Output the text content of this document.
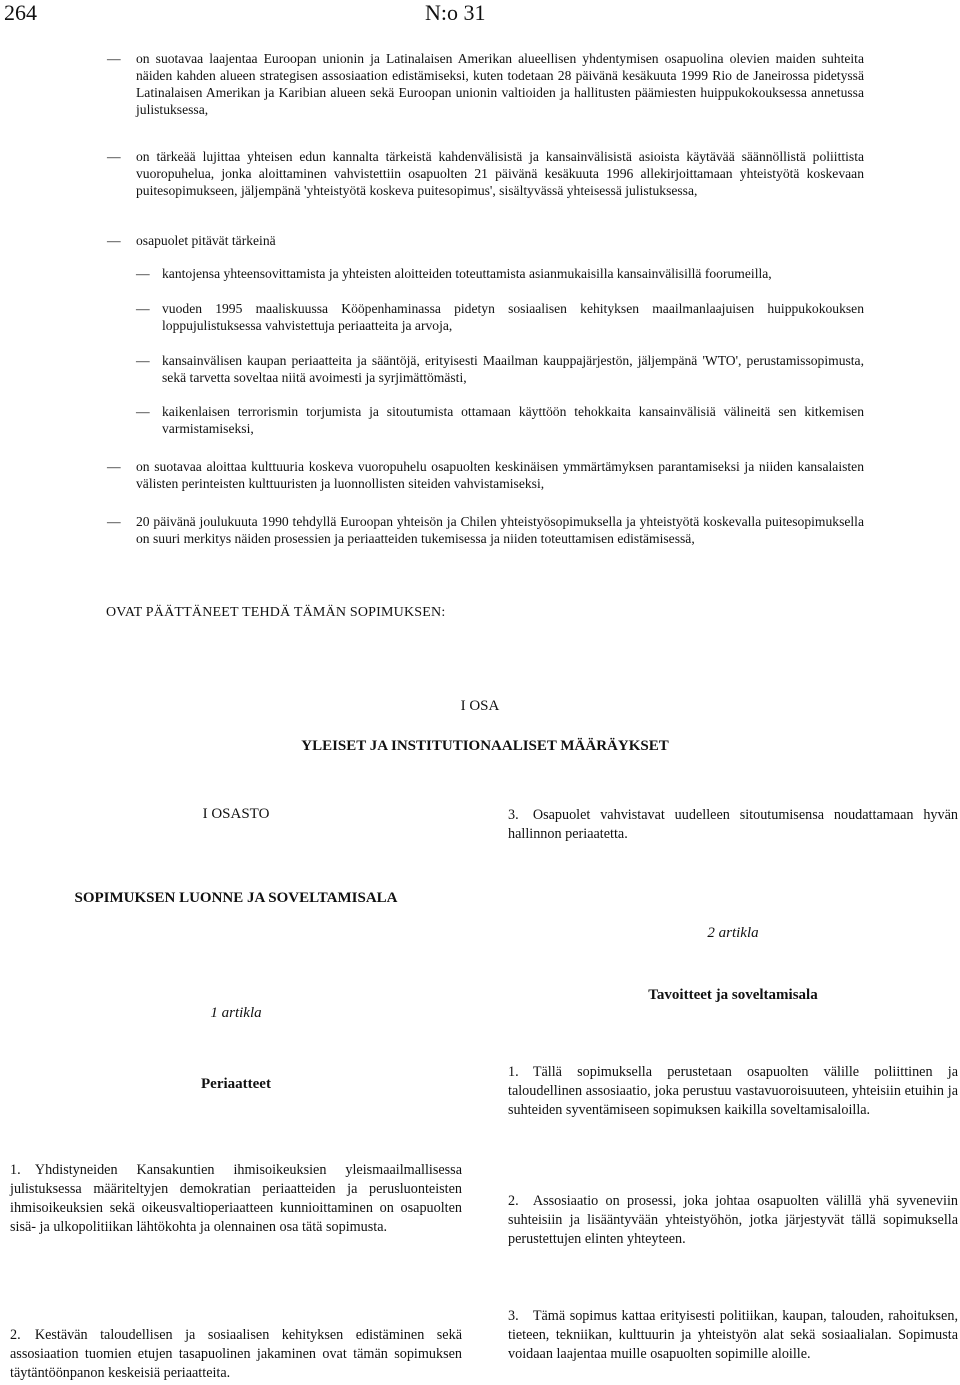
264	N:o 31
— on suotavaa laajentaa Euroopan unionin ja Latinalaisen Amerikan alueellisen yhdentymisen osapuolina olevien maiden suhteita näiden kahden alueen strategisen assosiaation edistämiseksi, kuten todetaan 28 päivänä kesäkuuta 1999 Rio de Janeirossa pidetyssä Latinalaisen Amerikan ja Karibian alueen sekä Euroopan unionin valtioiden ja hallitusten päämiesten huippukokouksessa annetussa julistuksessa,
— on tärkeää lujittaa yhteisen edun kannalta tärkeistä kahdenvälisistä ja kansainvälisistä asioista käytävää säännöllistä poliittista vuoropuhelua, jonka aloittaminen vahvistettiin osapuolten 21 päivänä kesäkuuta 1996 allekirjoittamaan yhteistyötä koskevaan puitesopimukseen, jäljempänä 'yhteistyötä koskeva puitesopimus', sisältyvässä yhteisessä julistuksessa,
— osapuolet pitävät tärkeinä
— kantojensa yhteensovittamista ja yhteisten aloitteiden toteuttamista asianmukaisilla kansainvälisillä foorumeilla,
— vuoden 1995 maaliskuussa Kööpenhaminassa pidetyn sosiaalisen kehityksen maailmanlaajuisen huippukokouksen loppujulistuksessa vahvistettuja periaatteita ja arvoja,
— kansainvälisen kaupan periaatteita ja sääntöjä, erityisesti Maailman kauppajärjestön, jäljempänä 'WTO', perustamissopimusta, sekä tarvetta soveltaa niitä avoimesti ja syrjimättömästi,
— kaikenlaisen terrorismin torjumista ja sitoutumista ottamaan käyttöön tehokkaita kansainvälisiä välineitä sen kitkemisen varmistamiseksi,
— on suotavaa aloittaa kulttuuria koskeva vuoropuhelu osapuolten keskinäisen ymmärtämyksen parantamiseksi ja niiden kansalaisten välisten perinteisten kulttuuristen ja luonnollisten siteiden vahvistamiseksi,
— 20 päivänä joulukuuta 1990 tehdyllä Euroopan yhteisön ja Chilen yhteistyösopimuksella ja yhteistyötä koskevalla puitesopimuksella on suuri merkitys näiden prosessien ja periaatteiden tukemisessa ja niiden toteuttamisen edistämisessä,
OVAT PÄÄTTÄNEET TEHDÄ TÄMÄN SOPIMUKSEN:
I OSA
YLEISET JA INSTITUTIONAALISET MÄÄRÄYKSET
I OSASTO
SOPIMUKSEN LUONNE JA SOVELTAMISALA
1 artikla
Periaatteet
1. Yhdistyneiden Kansakuntien ihmisoikeuksien yleismaailmallisessa julistuksessa määriteltyjen demokratian periaatteiden ja perusluonteisten ihmisoikeuksien sekä oikeusvaltioperiaatteen kunnioittaminen on osapuolten sisä- ja ulkopolitiikan lähtökohta ja olennainen osa tätä sopimusta.
2. Kestävän taloudellisen ja sosiaalisen kehityksen edistäminen sekä assosiaation tuomien etujen tasapuolinen jakaminen ovat tämän sopimuksen täytäntöönpanon keskeisiä periaatteita.
3. Osapuolet vahvistavat uudelleen sitoutumisensa noudattamaan hyvän hallinnon periaatetta.
2 artikla
Tavoitteet ja soveltamisala
1. Tällä sopimuksella perustetaan osapuolten välille poliittinen ja taloudellinen assosiaatio, joka perustuu vastavuoroisuuteen, yhteisiin etuihin ja suhteiden syventämiseen sopimuksen kaikilla soveltamisaloilla.
2. Assosiaatio on prosessi, joka johtaa osapuolten välillä yhä syveneviin suhteisiin ja lisääntyvään yhteistyöhön, jotka järjestyvät tällä sopimuksella perustettujen elinten yhteyteen.
3. Tämä sopimus kattaa erityisesti politiikan, kaupan, talouden, rahoituksen, tieteen, tekniikan, kulttuurin ja yhteistyön alat sekä sosiaalialan. Sopimusta voidaan laajentaa muille osapuolten sopimille aloille.
